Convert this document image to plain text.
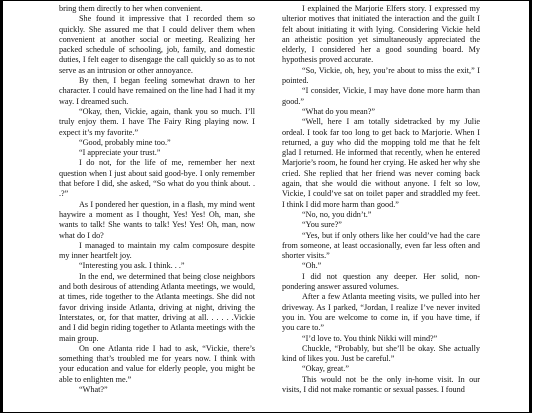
bring them directly to her when convenient.

She found it impressive that I recorded them so quickly. She assured me that I could deliver them when convenient at another social or meeting. Realizing her packed schedule of schooling, job, family, and domestic duties, I felt eager to disengage the call quickly so as to not serve as an intrusion or other annoyance.

By then, I began feeling somewhat drawn to her character. I could have remained on the line had I had it my way. I dreamed such.

“Okay, then, Vickie, again, thank you so much. I’ll truly enjoy them. I have The Fairy Ring playing now. I expect it’s my favorite.”

“Good, probably mine too.”

“I appreciate your trust.”

I do not, for the life of me, remember her next question when I just about said good-bye. I only remember that before I did, she asked, “So what do you think about. . .?”

As I pondered her question, in a flash, my mind went haywire a moment as I thought, Yes! Yes! Oh, man, she wants to talk! She wants to talk! Yes! Yes! Oh, man, now what do I do?

I managed to maintain my calm composure despite my inner heartfelt joy.

“Interesting you ask. I think. . .”

In the end, we determined that being close neighbors and both desirous of attending Atlanta meetings, we would, at times, ride together to the Atlanta meetings. She did not favor driving inside Atlanta, driving at night, driving the Interstates, or, for that matter, driving at all. . . . . .Vickie and I did begin riding together to Atlanta meetings with the main group.

On one Atlanta ride I had to ask, “Vickie, there’s something that’s troubled me for years now. I think with your education and value for elderly people, you might be able to enlighten me.”

“What?”

I explained the Marjorie Elfers story. I expressed my ulterior motives that initiated the interaction and the guilt I felt about initiating it with lying. Considering Vickie held an atheistic position yet simultaneously appreciated the elderly, I considered her a good sounding board. My hypothesis proved accurate.

“So, Vickie, oh, hey, you’re about to miss the exit,” I pointed.

“I consider, Vickie, I may have done more harm than good.”

“What do you mean?”

“Well, here I am totally sidetracked by my Julie ordeal. I took far too long to get back to Marjorie. When I returned, a guy who did the mopping told me that he felt glad I returned. He informed that recently, when he entered Marjorie’s room, he found her crying. He asked her why she cried. She replied that her friend was never coming back again, that she would die without anyone. I felt so low, Vickie, I could’ve sat on toilet paper and straddled my feet. I think I did more harm than good.”

“No, no, you didn’t.”

“You sure?”

“Yes, but if only others like her could’ve had the care from someone, at least occasionally, even far less often and shorter visits.”

“Oh.”

I did not question any deeper. Her solid, non-pondering answer assured volumes.

After a few Atlanta meeting visits, we pulled into her driveway. As I parked, “Jordan, I realize I’ve never invited you in. You are welcome to come in, if you have time, if you care to.”

“I’d love to. You think Nikki will mind?”

Chuckle, “Probably, but she’ll be okay. She actually kind of likes you. Just be careful.”

“Okay, great.”

This would not be the only in-home visit. In our visits, I did not make romantic or sexual passes. I found
